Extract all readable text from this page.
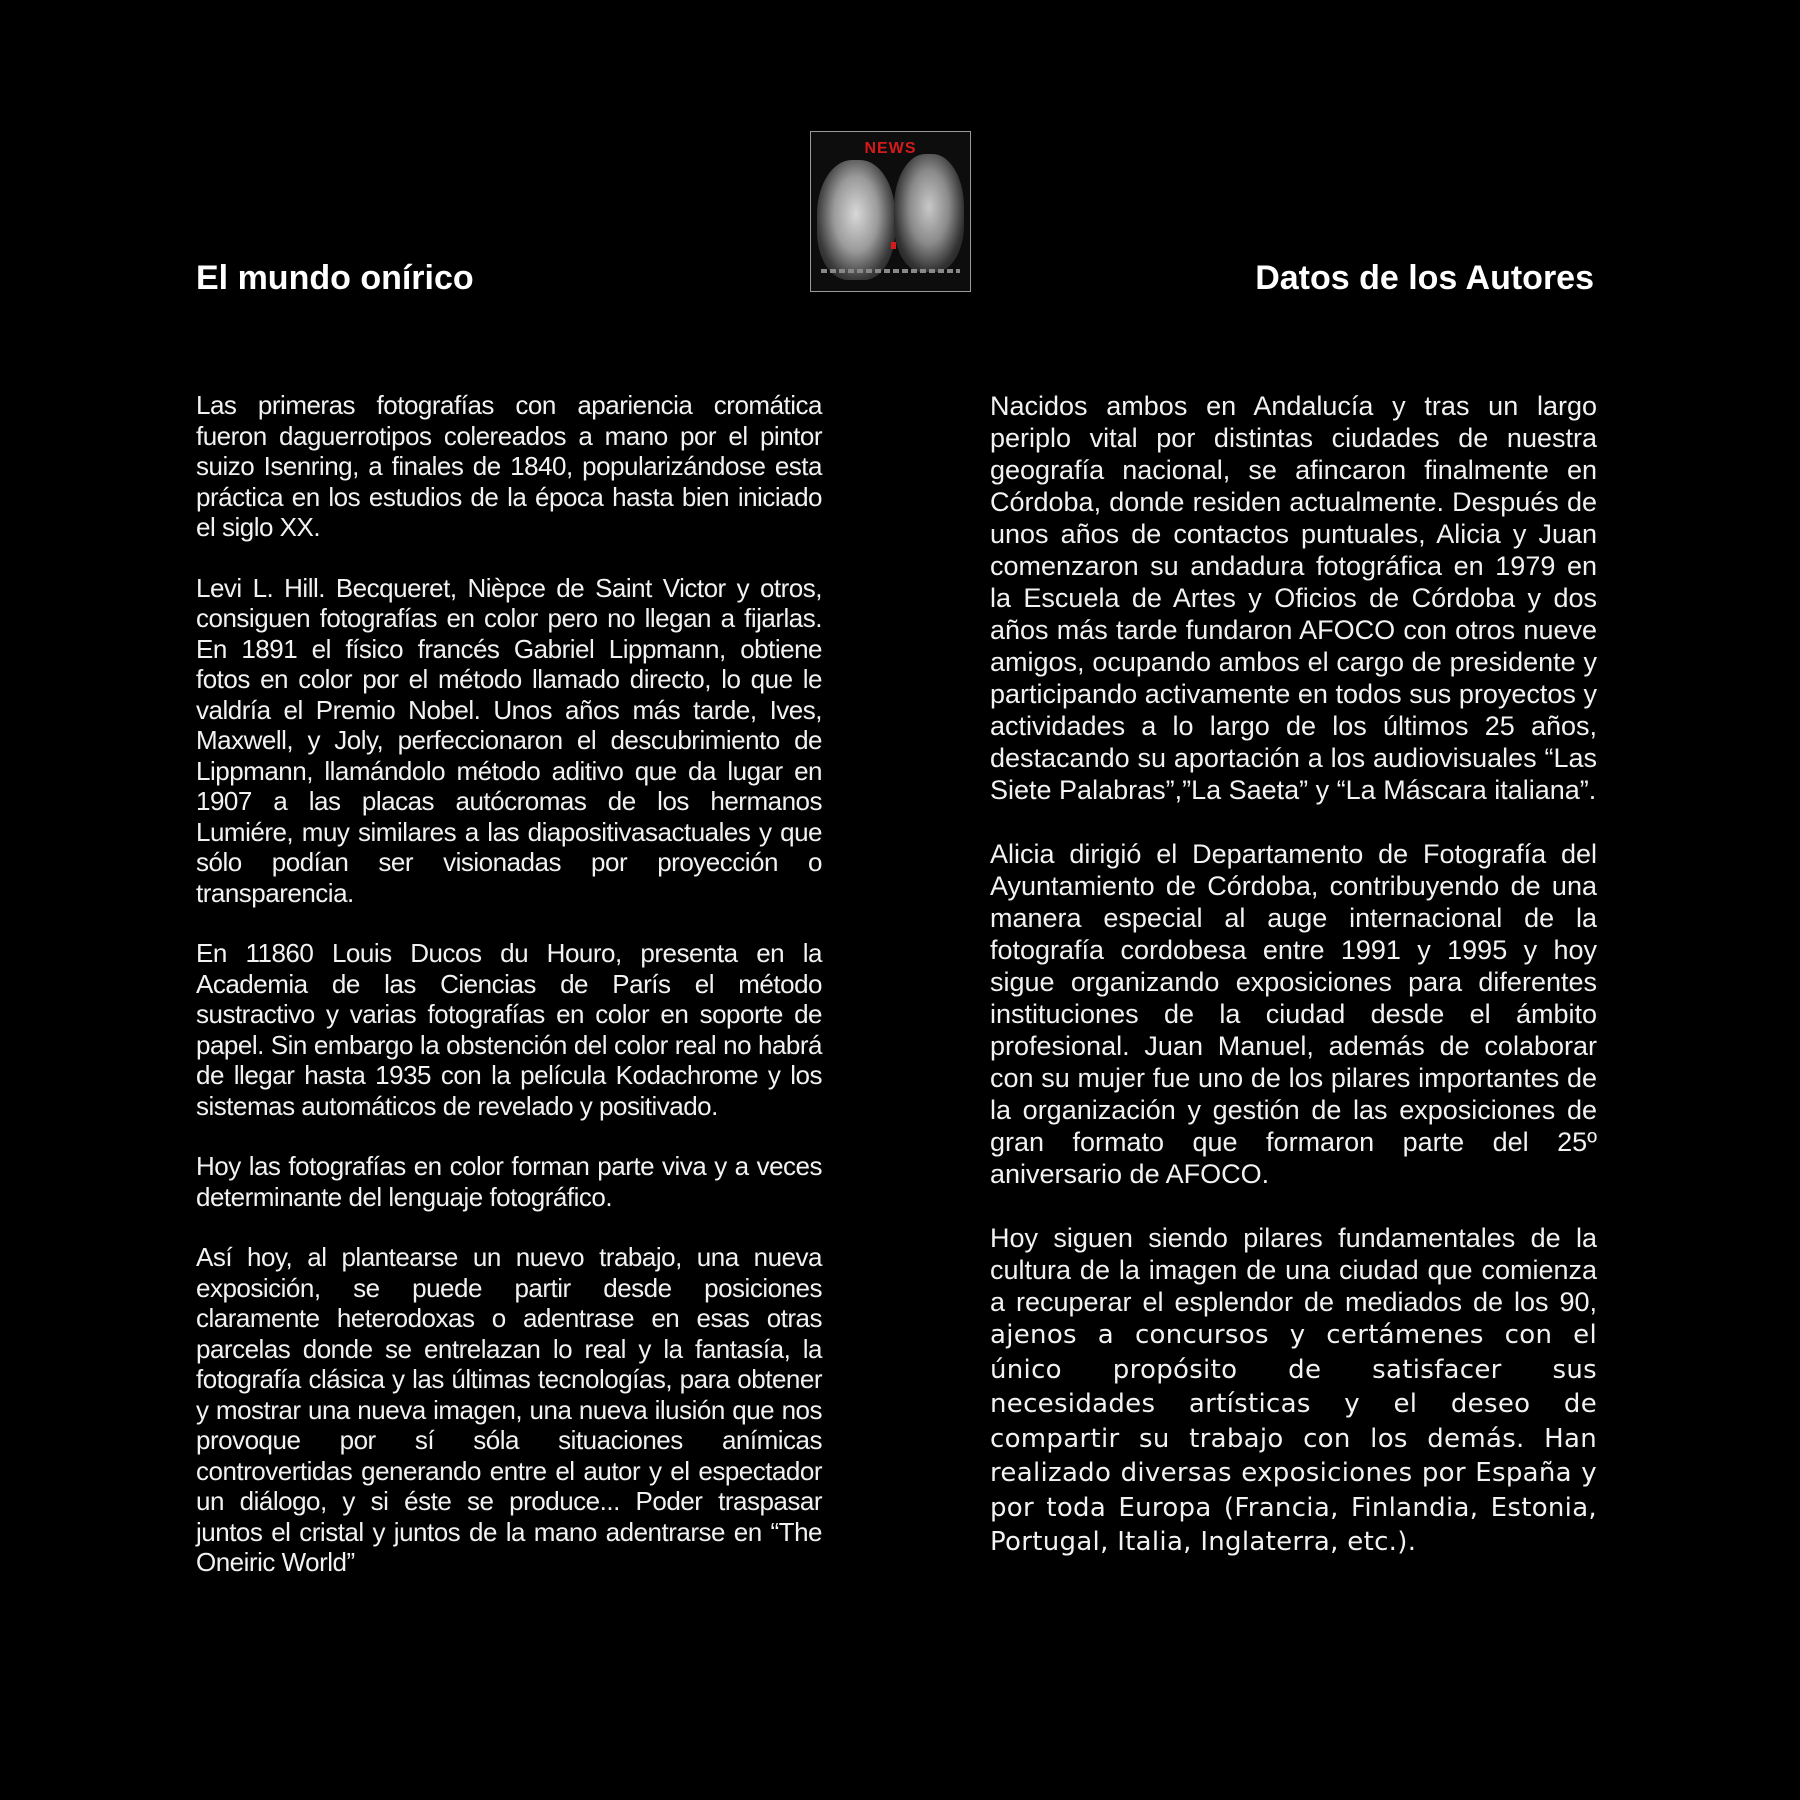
NEWS
El mundo onírico	Datos de los Autores

Las primeras fotografías con apariencia cromática fueron daguerrotipos colereados a mano por el pintor suizo Isenring, a finales de 1840, popularizándose esta práctica en los estudios de la época hasta bien iniciado el siglo XX.

Levi L. Hill. Becqueret, Nièpce de Saint Victor y otros, consiguen fotografías en color pero no llegan a fijarlas. En 1891 el físico francés Gabriel Lippmann, obtiene fotos en color por el método llamado directo, lo que le valdría el Premio Nobel. Unos años más tarde, Ives, Maxwell, y Joly, perfeccionaron el descubrimiento de Lippmann, llamándolo método aditivo que da lugar en 1907 a las placas autócromas de los hermanos Lumiére, muy similares a las diapositivasactuales y que sólo podían ser visionadas por proyección o transparencia.

En 11860 Louis Ducos du Houro, presenta en la Academia de las Ciencias de París el método sustractivo y varias fotografías en color en soporte de papel. Sin embargo la obstención del color real no habrá de llegar hasta 1935 con la película Kodachrome y los sistemas automáticos de revelado y positivado.

Hoy las fotografías en color forman parte viva y a veces determinante del lenguaje fotográfico.

Así hoy, al plantearse un nuevo trabajo, una nueva exposición, se puede partir desde posiciones claramente heterodoxas o adentrase en esas otras parcelas donde se entrelazan lo real y la fantasía, la fotografía clásica y las últimas tecnologías, para obtener y mostrar una nueva imagen, una nueva ilusión que nos provoque por sí sóla situaciones anímicas controvertidas generando entre el autor y el espectador un diálogo, y si éste se produce... Poder traspasar juntos el cristal y juntos de la mano adentrarse en “The Oneiric World”

Nacidos ambos en Andalucía y tras un largo periplo vital por distintas ciudades de nuestra geografía nacional, se afincaron finalmente en Córdoba, donde residen actualmente. Después de unos años de contactos puntuales, Alicia y Juan comenzaron su andadura fotográfica en 1979 en la Escuela de Artes y Oficios de Córdoba y dos años más tarde fundaron AFOCO con otros nueve amigos, ocupando ambos el cargo de presidente y participando activamente en todos sus proyectos y actividades a lo largo de los últimos 25 años, destacando su aportación a los audiovisuales “Las Siete Palabras”,”La Saeta” y “La Máscara italiana”.

Alicia dirigió el Departamento de Fotografía del Ayuntamiento de Córdoba, contribuyendo de una manera especial al auge internacional de la fotografía cordobesa entre 1991 y 1995 y hoy sigue organizando exposiciones para diferentes instituciones de la ciudad desde el ámbito profesional. Juan Manuel, además de colaborar con su mujer fue uno de los pilares importantes de la organización y gestión de las exposiciones de gran formato que formaron parte del 25º aniversario de AFOCO.

Hoy siguen siendo pilares fundamentales de la cultura de la imagen de una ciudad que comienza a recuperar el esplendor de mediados de los 90, ajenos a concursos y certámenes con el único propósito de satisfacer sus necesidades artísticas y el deseo de compartir su trabajo con los demás. Han realizado diversas exposiciones por España y por toda Europa (Francia, Finlandia, Estonia, Portugal, Italia, Inglaterra, etc.).
